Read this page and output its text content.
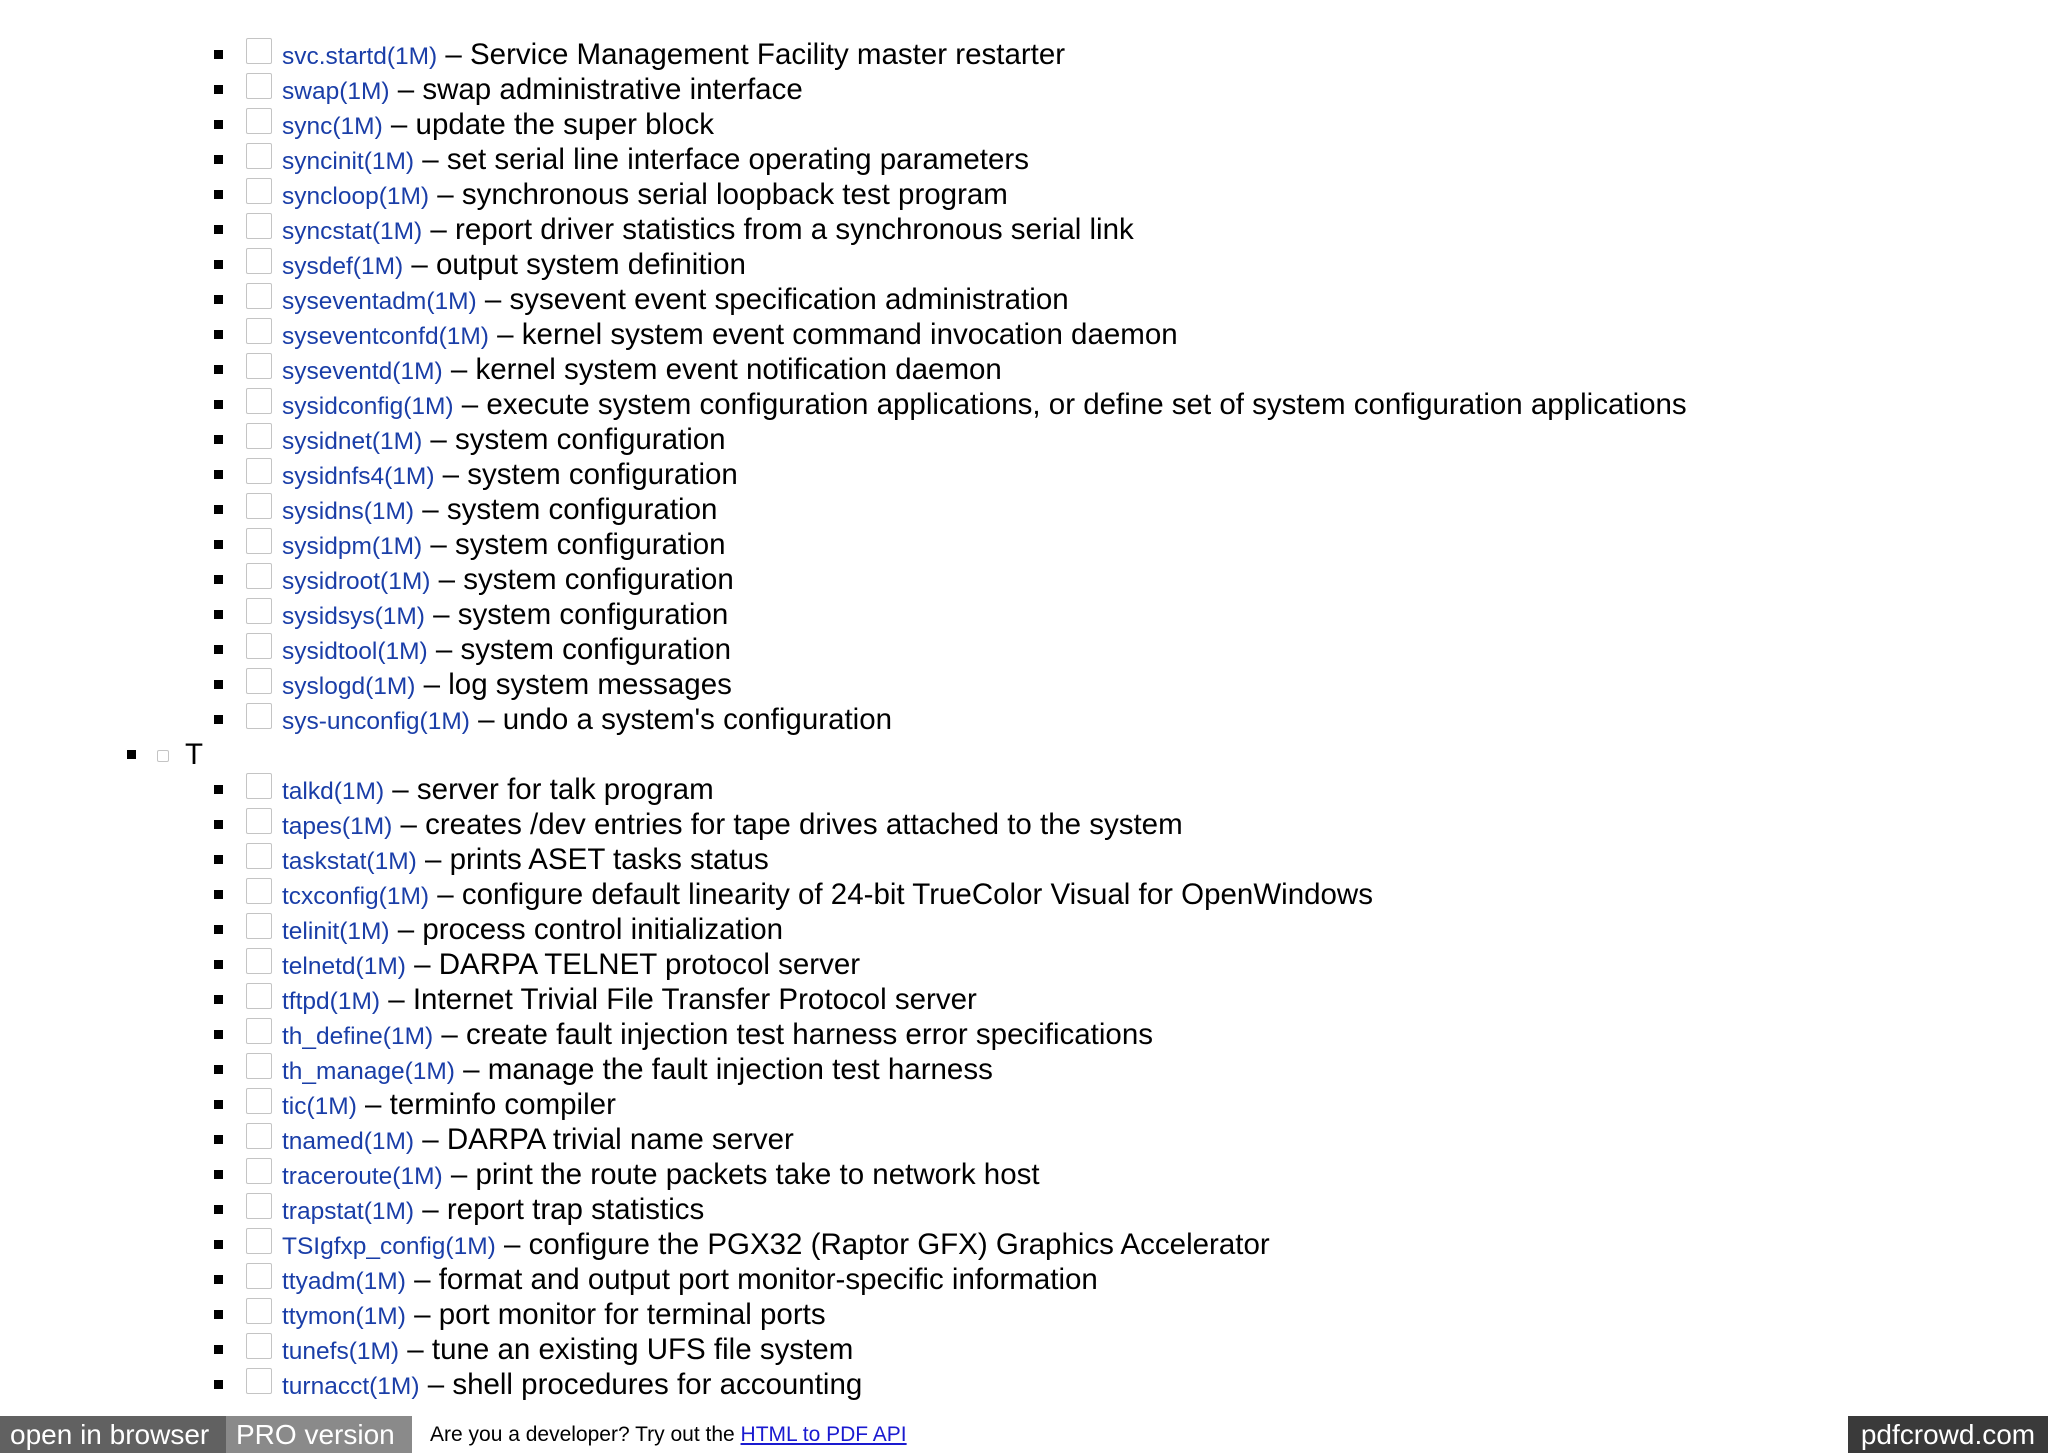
svc.startd(1M) – Service Management Facility master restarter
swap(1M) – swap administrative interface
sync(1M) – update the super block
syncinit(1M) – set serial line interface operating parameters
syncloop(1M) – synchronous serial loopback test program
syncstat(1M) – report driver statistics from a synchronous serial link
sysdef(1M) – output system definition
syseventadm(1M) – sysevent event specification administration
syseventconfd(1M) – kernel system event command invocation daemon
syseventd(1M) – kernel system event notification daemon
sysidconfig(1M) – execute system configuration applications, or define set of system configuration applications
sysidnet(1M) – system configuration
sysidnfs4(1M) – system configuration
sysidns(1M) – system configuration
sysidpm(1M) – system configuration
sysidroot(1M) – system configuration
sysidsys(1M) – system configuration
sysidtool(1M) – system configuration
syslogd(1M) – log system messages
sys-unconfig(1M) – undo a system's configuration
T
talkd(1M) – server for talk program
tapes(1M) – creates /dev entries for tape drives attached to the system
taskstat(1M) – prints ASET tasks status
tcxconfig(1M) – configure default linearity of 24-bit TrueColor Visual for OpenWindows
telinit(1M) – process control initialization
telnetd(1M) – DARPA TELNET protocol server
tftpd(1M) – Internet Trivial File Transfer Protocol server
th_define(1M) – create fault injection test harness error specifications
th_manage(1M) – manage the fault injection test harness
tic(1M) – terminfo compiler
tnamed(1M) – DARPA trivial name server
traceroute(1M) – print the route packets take to network host
trapstat(1M) – report trap statistics
TSIgfxp_config(1M) – configure the PGX32 (Raptor GFX) Graphics Accelerator
ttyadm(1M) – format and output port monitor-specific information
ttymon(1M) – port monitor for terminal ports
tunefs(1M) – tune an existing UFS file system
turnacct(1M) – shell procedures for accounting
open in browser PRO version	Are you a developer? Try out the HTML to PDF API	pdfcrowd.com
